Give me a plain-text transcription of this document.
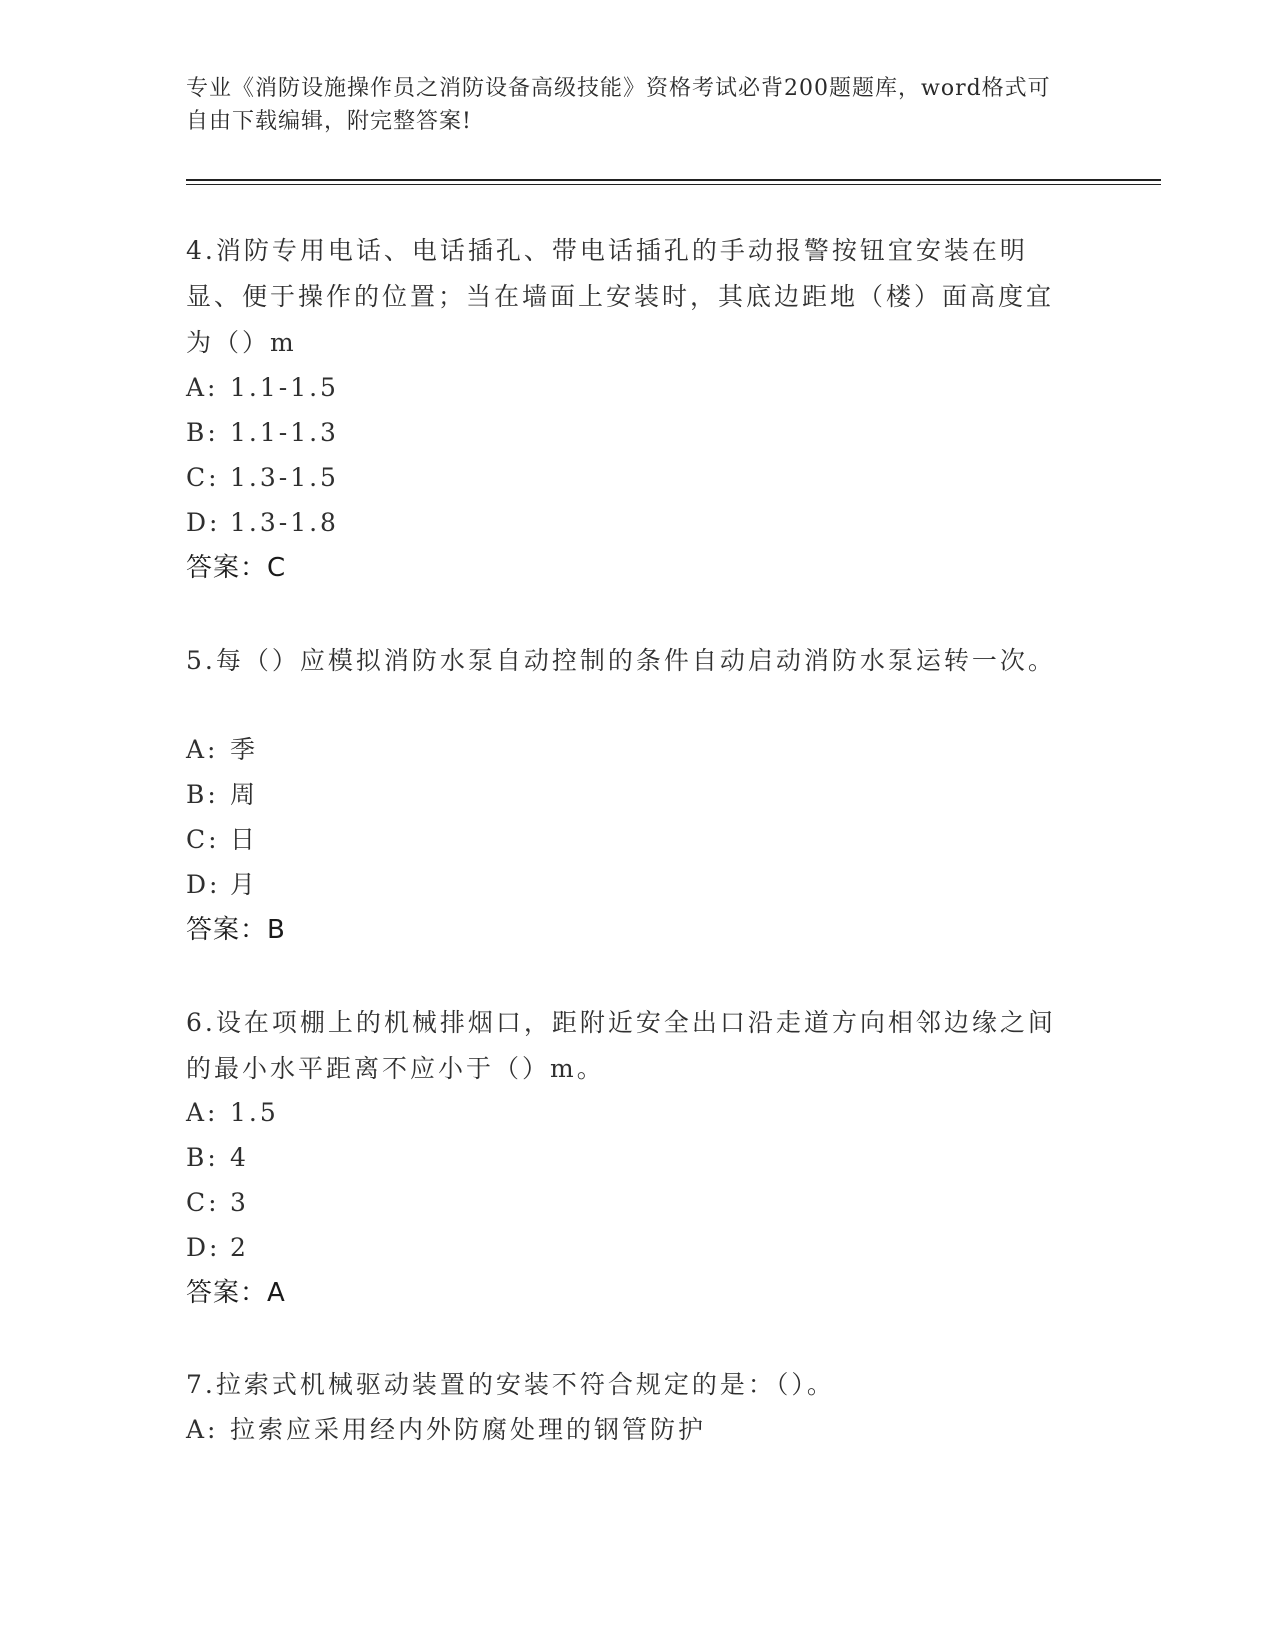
专业《消防设施操作员之消防设备高级技能》资格考试必背200题题库，word格式可自由下载编辑，附完整答案!
4.消防专用电话、电话插孔、带电话插孔的手动报警按钮宜安装在明显、便于操作的位置；当在墙面上安装时，其底边距地（楼）面高度宜为（）m
A: 1.1-1.5
B: 1.1-1.3
C: 1.3-1.5
D: 1.3-1.8
答案：C
5.每（）应模拟消防水泵自动控制的条件自动启动消防水泵运转一次。
A: 季
B: 周
C: 日
D: 月
答案：B
6.设在项棚上的机械排烟口，距附近安全出口沿走道方向相邻边缘之间的最小水平距离不应小于（）m。
A: 1.5
B: 4
C: 3
D: 2
答案：A
7.拉索式机械驱动装置的安装不符合规定的是：（）。
A: 拉索应采用经内外防腐处理的钢管防护
